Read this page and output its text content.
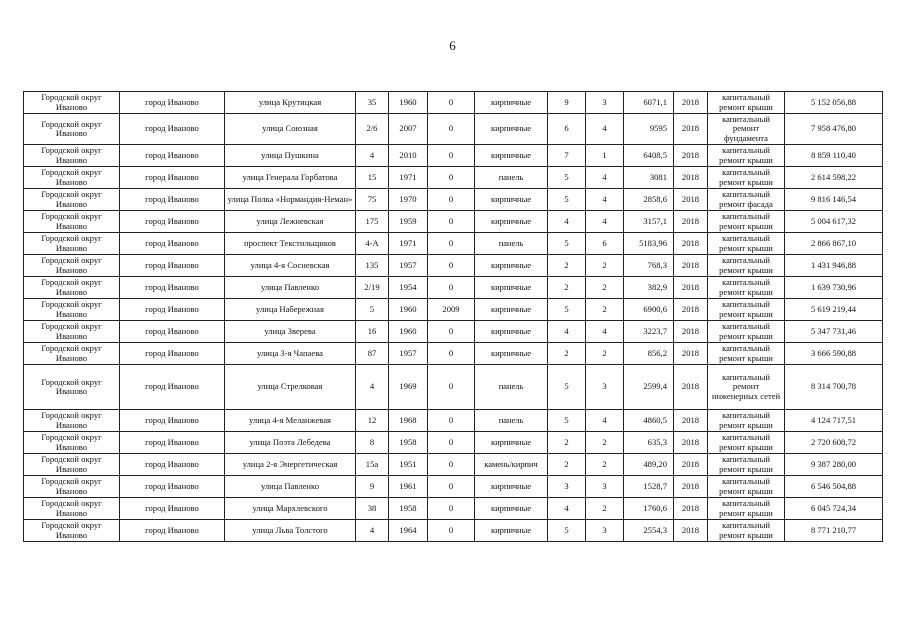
6
Городской округ Иваново	город Иваново	улица Крутицкая	35	1960	0	кирпичные	9	3	6071,1	2018	капитальный ремонт крыши	5 152 056,88
Городской округ Иваново	город Иваново	улица Союзная	2/6	2007	0	кирпичные	6	4	9595	2018	капитальный ремонт фундамента	7 958 476,80
Городской округ Иваново	город Иваново	улица Пушкина	4	2010	0	кирпичные	7	1	6408,5	2018	капитальный ремонт крыши	8 859 110,40
Городской округ Иваново	город Иваново	улица Генерала Горбатова	15	1971	0	панель	5	4	3081	2018	капитальный ремонт крыши	2 614 598,22
Городской округ Иваново	город Иваново	улица Полка «Нормандия-Неман»	75	1970	0	кирпичные	5	4	2858,6	2018	капитальный ремонт фасада	9 816 146,54
Городской округ Иваново	город Иваново	улица Лежневская	175	1959	0	кирпичные	4	4	3157,1	2018	капитальный ремонт крыши	5 004 617,32
Городской округ Иваново	город Иваново	проспект Текстильщиков	4-А	1971	0	панель	5	6	5183,96	2018	капитальный ремонт крыши	2 866 867,10
Городской округ Иваново	город Иваново	улица 4-я Сосневская	135	1957	0	кирпичные	2	2	768,3	2018	капитальный ремонт крыши	1 431 946,88
Городской округ Иваново	город Иваново	улица Павленко	2/19	1954	0	кирпичные	2	2	382,9	2018	капитальный ремонт крыши	1 639 730,96
Городской округ Иваново	город Иваново	улица Набережная	5	1960	2009	кирпичные	5	2	6900,6	2018	капитальный ремонт крыши	5 619 219,44
Городской округ Иваново	город Иваново	улица Зверева	16	1960	0	кирпичные	4	4	3223,7	2018	капитальный ремонт крыши	5 347 731,46
Городской округ Иваново	город Иваново	улица 3-я Чапаева	87	1957	0	кирпичные	2	2	856,2	2018	капитальный ремонт крыши	3 666 590,88
Городской округ Иваново	город Иваново	улица Стрелковая	4	1969	0	панель	5	3	2599,4	2018	капитальный ремонт инженерных сетей	8 314 700,78
Городской округ Иваново	город Иваново	улица 4-я Меланжевая	12	1968	0	панель	5	4	4860,5	2018	капитальный ремонт крыши	4 124 717,51
Городской округ Иваново	город Иваново	улица Поэта Лебедева	8	1958	0	кирпичные	2	2	635,3	2018	капитальный ремонт крыши	2 720 608,72
Городской округ Иваново	город Иваново	улица 2-я Энергетическая	15а	1951	0	камень/кирпич	2	2	489,20	2018	капитальный ремонт крыши	9 387 280,00
Городской округ Иваново	город Иваново	улица Павленко	9	1961	0	кирпичные	3	3	1528,7	2018	капитальный ремонт крыши	6 546 504,88
Городской округ Иваново	город Иваново	улица Мархлевского	38	1958	0	кирпичные	4	2	1760,6	2018	капитальный ремонт крыши	6 045 724,34
Городской округ Иваново	город Иваново	улица Льва Толстого	4	1964	0	кирпичные	5	3	2554,3	2018	капитальный ремонт крыши	8 771 210,77
